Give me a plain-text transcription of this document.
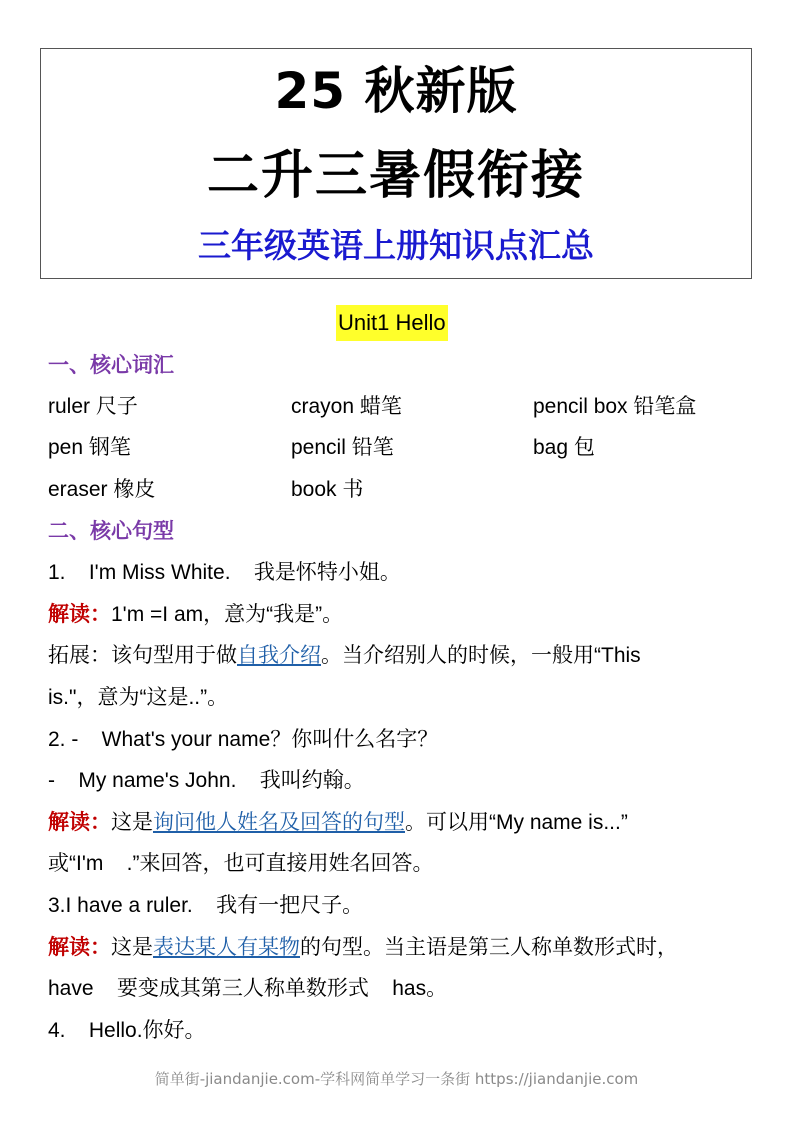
25 秋新版
二升三暑假衔接
三年级英语上册知识点汇总
Unit1 Hello
一、核心词汇
ruler 尺子	crayon 蜡笔	pencil box 铅笔盒
pen 钢笔	pencil 铅笔	bag 包
eraser 橡皮	book 书
二、核心句型
1.    I'm Miss White.    我是怀特小姐。
解读：1'm =I am，意为“我是”。
拓展：该句型用于做自我介绍。当介绍别人的时候，一般用“This
is."，意为“这是..”。
2. -    What's your name？你叫什么名字？
-    My name's John.    我叫约翰。
解读：这是询问他人姓名及回答的句型。可以用“My name is...”
或“I'm    .”来回答，也可直接用姓名回答。
3.I have a ruler.    我有一把尺子。
解读：这是表达某人有某物的句型。当主语是第三人称单数形式时，
have    要变成其第三人称单数形式    has。
4.    Hello.你好。
简单街-jiandanjie.com-学科网简单学习一条街 https://jiandanjie.com
